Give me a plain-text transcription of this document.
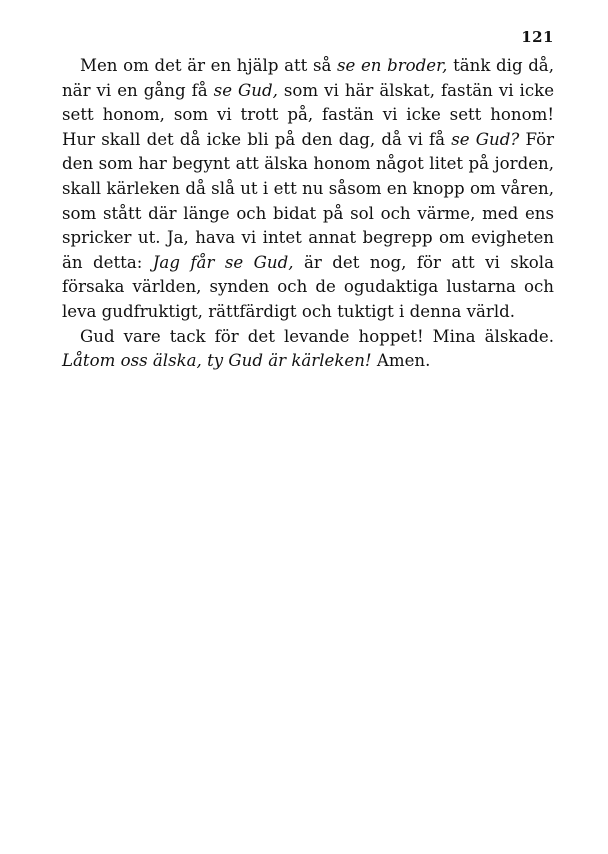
121

Men om det är en hjälp att så se en broder, tänk dig då, när vi en gång få se Gud, som vi här älskat, fastän vi icke sett honom, som vi trott på, fastän vi icke sett honom! Hur skall det då icke bli på den dag, då vi få se Gud? För den som har begynt att älska honom något litet på jorden, skall kärleken då slå ut i ett nu såsom en knopp om våren, som stått där länge och bidat på sol och värme, med ens spricker ut. Ja, hava vi intet annat begrepp om evigheten än detta: Jag får se Gud, är det nog, för att vi skola försaka världen, synden och de ogudaktiga lustarna och leva gudfruktigt, rättfärdigt och tuktigt i denna värld.

Gud vare tack för det levande hoppet! Mina älskade. Låtom oss älska, ty Gud är kärleken! Amen.
